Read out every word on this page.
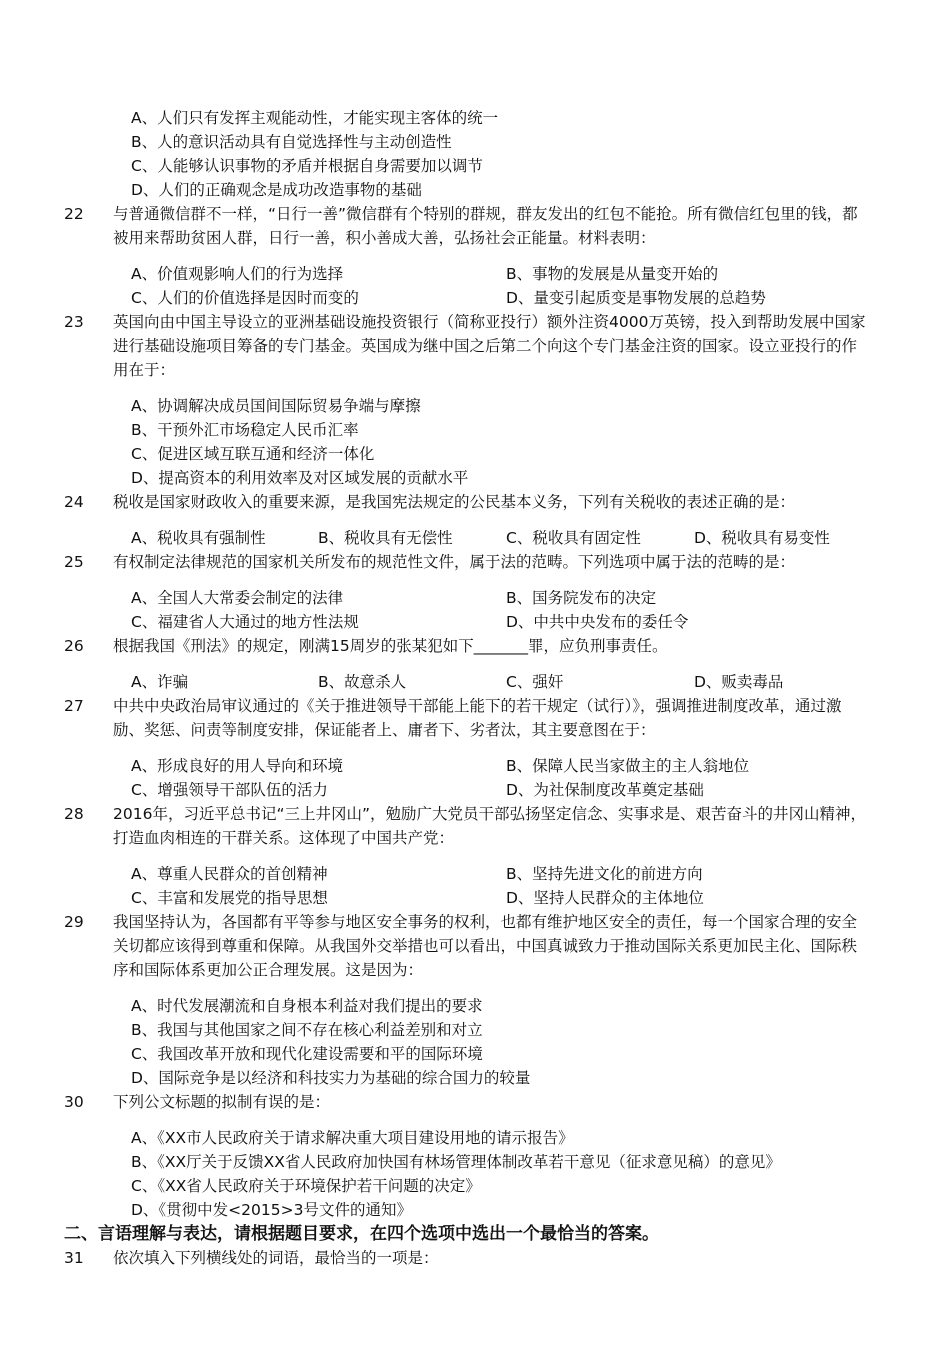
A、人们只有发挥主观能动性，才能实现主客体的统一
B、人的意识活动具有自觉选择性与主动创造性
C、人能够认识事物的矛盾并根据自身需要加以调节
D、人们的正确观念是成功改造事物的基础
22 与普通微信群不一样，“日行一善”微信群有个特别的群规，群友发出的红包不能抢。所有微信红包里的钱，都被用来帮助贫困人群，日行一善，积小善成大善，弘扬社会正能量。材料表明：
A、价值观影响人们的行为选择	B、事物的发展是从量变开始的
C、人们的价值选择是因时而变的	D、量变引起质变是事物发展的总趋势
23 英国向由中国主导设立的亚洲基础设施投资银行（简称亚投行）额外注资4000万英镑，投入到帮助发展中国家进行基础设施项目筹备的专门基金。英国成为继中国之后第二个向这个专门基金注资的国家。设立亚投行的作用在于：
A、协调解决成员国间国际贸易争端与摩擦
B、干预外汇市场稳定人民币汇率
C、促进区域互联互通和经济一体化
D、提高资本的利用效率及对区域发展的贡献水平
24 税收是国家财政收入的重要来源，是我国宪法规定的公民基本义务，下列有关税收的表述正确的是：
A、税收具有强制性	B、税收具有无偿性	C、税收具有固定性	D、税收具有易变性
25 有权制定法律规范的国家机关所发布的规范性文件，属于法的范畴。下列选项中属于法的范畴的是：
A、全国人大常委会制定的法律	B、国务院发布的决定
C、福建省人大通过的地方性法规	D、中共中央发布的委任令
26 根据我国《刑法》的规定，刚满15周岁的张某犯如下_______罪，应负刑事责任。
A、诈骗	B、故意杀人	C、强奸	D、贩卖毒品
27 中共中央政治局审议通过的《关于推进领导干部能上能下的若干规定（试行）》，强调推进制度改革，通过激励、奖惩、问责等制度安排，保证能者上、庸者下、劣者汰，其主要意图在于：
A、形成良好的用人导向和环境	B、保障人民当家做主的主人翁地位
C、增强领导干部队伍的活力	D、为社保制度改革奠定基础
28 2016年，习近平总书记“三上井冈山”，勉励广大党员干部弘扬坚定信念、实事求是、艰苦奋斗的井冈山精神，打造血肉相连的干群关系。这体现了中国共产党：
A、尊重人民群众的首创精神	B、坚持先进文化的前进方向
C、丰富和发展党的指导思想	D、坚持人民群众的主体地位
29 我国坚持认为，各国都有平等参与地区安全事务的权利，也都有维护地区安全的责任，每一个国家合理的安全关切都应该得到尊重和保障。从我国外交举措也可以看出，中国真诚致力于推动国际关系更加民主化、国际秩序和国际体系更加公正合理发展。这是因为：
A、时代发展潮流和自身根本利益对我们提出的要求
B、我国与其他国家之间不存在核心利益差别和对立
C、我国改革开放和现代化建设需要和平的国际环境
D、国际竞争是以经济和科技实力为基础的综合国力的较量
30 下列公文标题的拟制有误的是：
A、《XX市人民政府关于请求解决重大项目建设用地的请示报告》
B、《XX厅关于反馈XX省人民政府加快国有林场管理体制改革若干意见（征求意见稿）的意见》
C、《XX省人民政府关于环境保护若干问题的决定》
D、《贯彻中发<2015>3号文件的通知》
二、言语理解与表达，请根据题目要求，在四个选项中选出一个最恰当的答案。
31 依次填入下列横线处的词语，最恰当的一项是：
